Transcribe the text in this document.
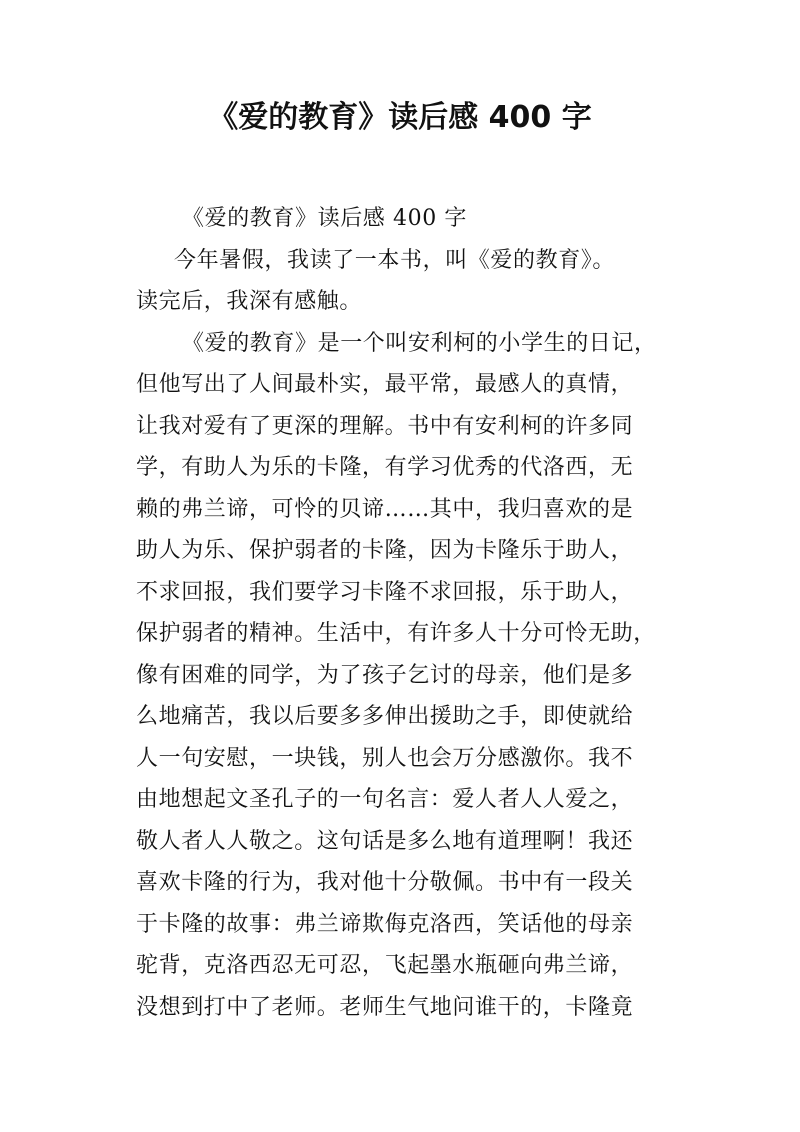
《爱的教育》读后感 400 字
《爱的教育》读后感 400 字
今年暑假，我读了一本书，叫《爱的教育》。
读完后，我深有感触。
《爱的教育》是一个叫安利柯的小学生的日记，
但他写出了人间最朴实，最平常，最感人的真情，
让我对爱有了更深的理解。书中有安利柯的许多同
学，有助人为乐的卡隆，有学习优秀的代洛西，无
赖的弗兰谛，可怜的贝谛……其中，我归喜欢的是
助人为乐、保护弱者的卡隆，因为卡隆乐于助人，
不求回报，我们要学习卡隆不求回报，乐于助人，
保护弱者的精神。生活中，有许多人十分可怜无助，
像有困难的同学，为了孩子乞讨的母亲，他们是多
么地痛苦，我以后要多多伸出援助之手，即使就给
人一句安慰，一块钱，别人也会万分感激你。我不
由地想起文圣孔子的一句名言：爱人者人人爱之，
敬人者人人敬之。这句话是多么地有道理啊！我还
喜欢卡隆的行为，我对他十分敬佩。书中有一段关
于卡隆的故事：弗兰谛欺侮克洛西，笑话他的母亲
驼背，克洛西忍无可忍，飞起墨水瓶砸向弗兰谛，
没想到打中了老师。老师生气地问谁干的，卡隆竟
